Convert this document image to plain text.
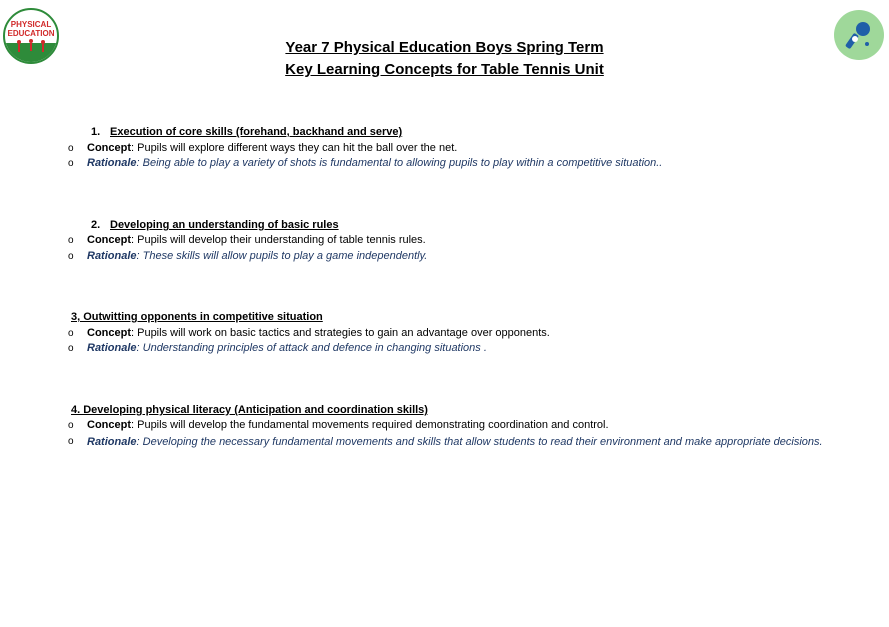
PHYSICAL
EDUCATION
Year 7 Physical Education Boys Spring Term
Key Learning Concepts for Table Tennis Unit
1. Execution of core skills (forehand, backhand and serve)
o Concept: Pupils will explore different ways they can hit the ball over the net.
o Rationale: Being able to play a variety of shots is fundamental to allowing pupils to play within a competitive situation..
2. Developing an understanding of basic rules
o Concept: Pupils will develop their understanding of table tennis rules.
o Rationale: These skills will allow pupils to play a game independently.
3, Outwitting opponents in competitive situation
o Concept: Pupils will work on basic tactics and strategies to gain an advantage over opponents.
o Rationale: Understanding principles of attack and defence in changing situations .
4. Developing physical literacy (Anticipation and coordination skills)
o Concept: Pupils will develop the fundamental movements required demonstrating coordination and control.
o Rationale: Developing the necessary fundamental movements and skills that allow students to read their environment and make appropriate decisions.
